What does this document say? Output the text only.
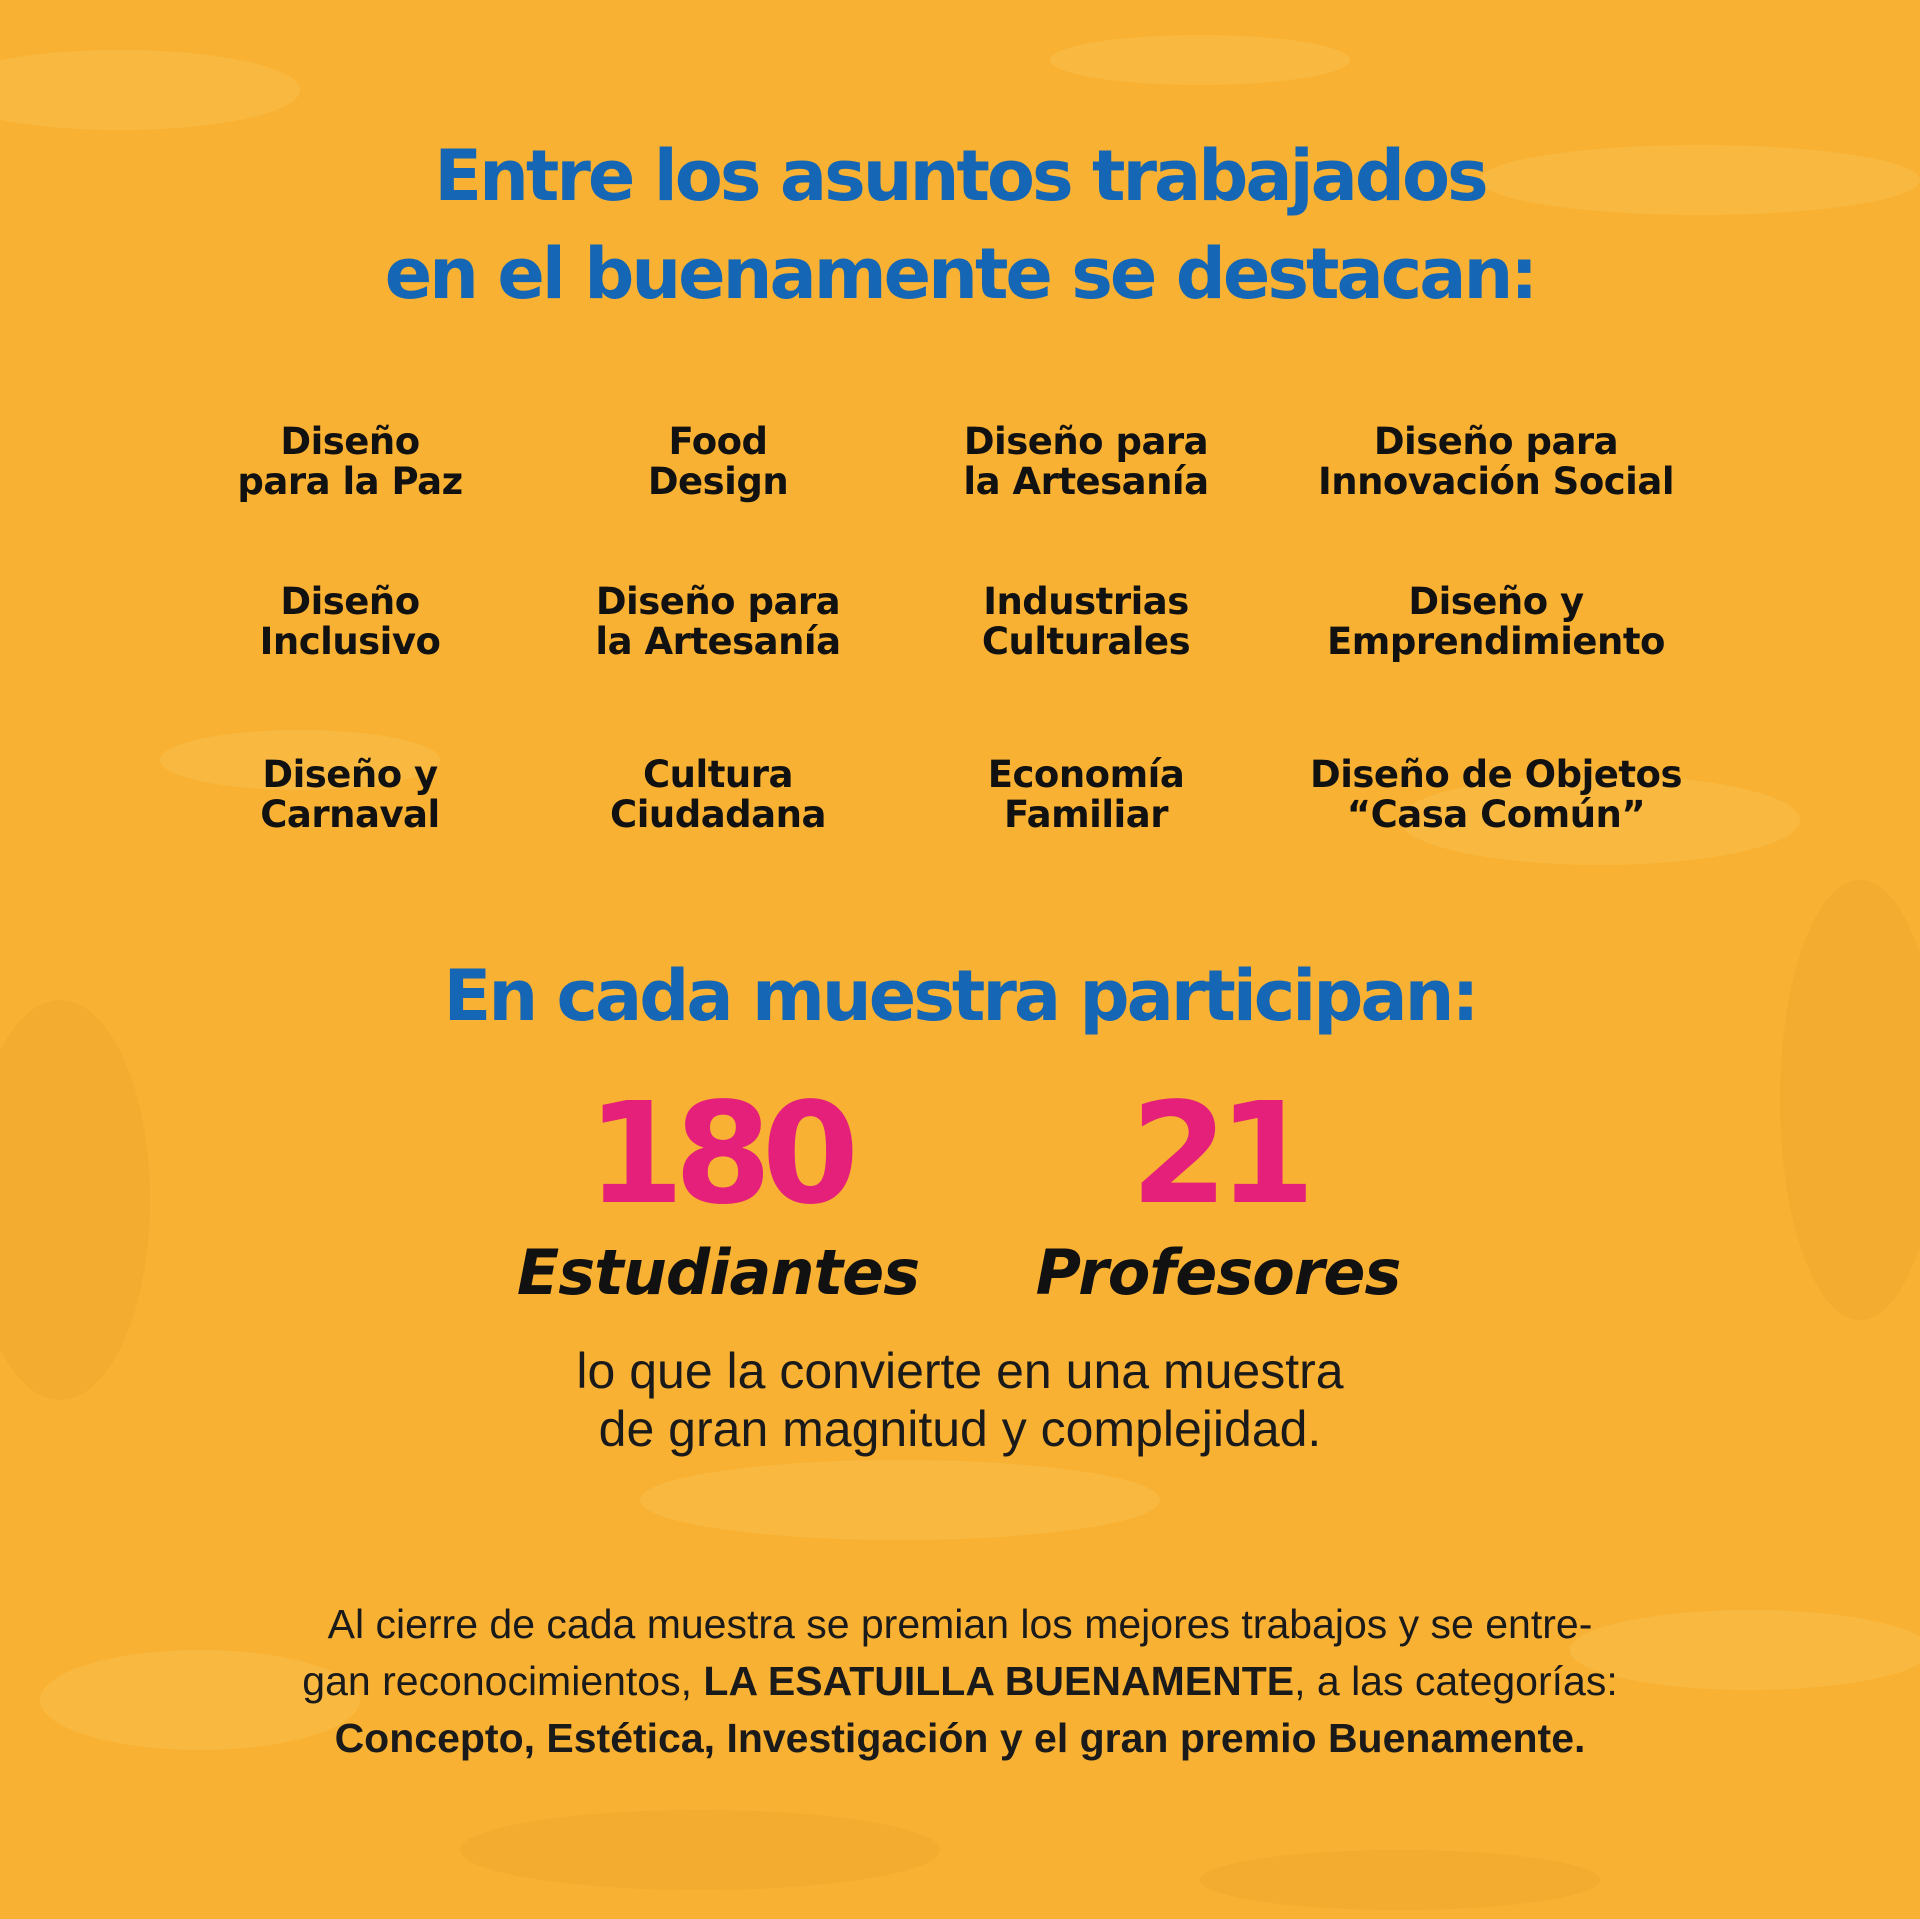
Entre los asuntos trabajados
en el buenamente se destacan:
Diseño
para la Paz
Food
Design
Diseño para
la Artesanía
Diseño para
Innovación Social
Diseño
Inclusivo
Diseño para
la Artesanía
Industrias
Culturales
Diseño y
Emprendimiento
Diseño y
Carnaval
Cultura
Ciudadana
Economía
Familiar
Diseño de Objetos
“Casa Común”
En cada muestra participan:
180	21
Estudiantes	Profesores
lo que la convierte en una muestra
de gran magnitud y complejidad.
Al cierre de cada muestra se premian los mejores trabajos y se entre-
gan reconocimientos, LA ESATUILLA BUENAMENTE, a las categorías:
Concepto, Estética, Investigación y el gran premio Buenamente.
